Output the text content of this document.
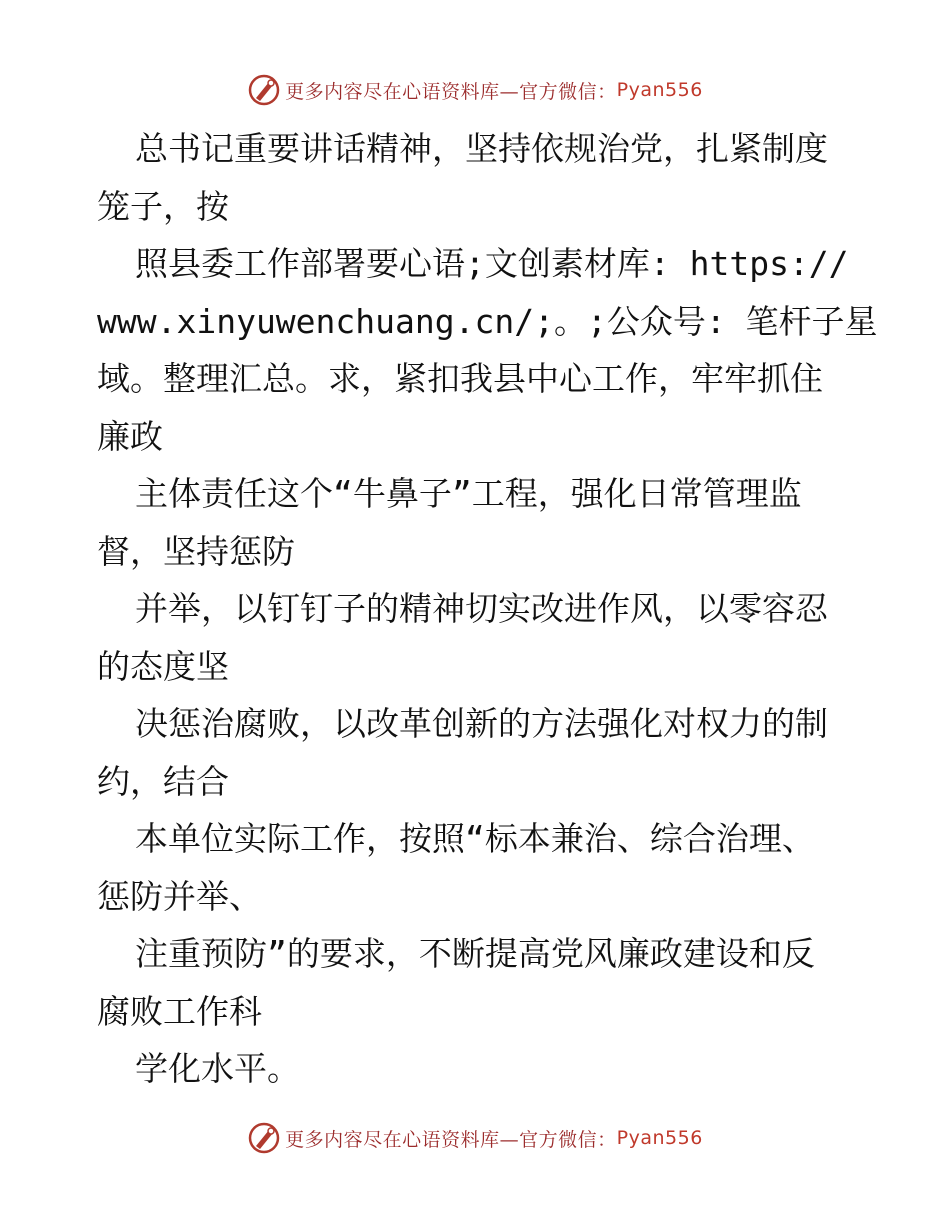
更多内容尽在心语资料库—官方微信： Pyan556
总书记重要讲话精神，坚持依规治党，扎紧制度
笼子，按
照县委工作部署要心语;文创素材库: https://
www.xinyuwenchuang.cn/;。;公众号: 笔杆子星
域。整理汇总。求，紧扣我县中心工作，牢牢抓住
廉政
主体责任这个“牛鼻子”工程，强化日常管理监
督，坚持惩防
并举，以钉钉子的精神切实改进作风，以零容忍
的态度坚
决惩治腐败，以改革创新的方法强化对权力的制
约，结合
本单位实际工作，按照“标本兼治、综合治理、
惩防并举、
注重预防”的要求，不断提高党风廉政建设和反
腐败工作科
学化水平。
更多内容尽在心语资料库—官方微信： Pyan556
